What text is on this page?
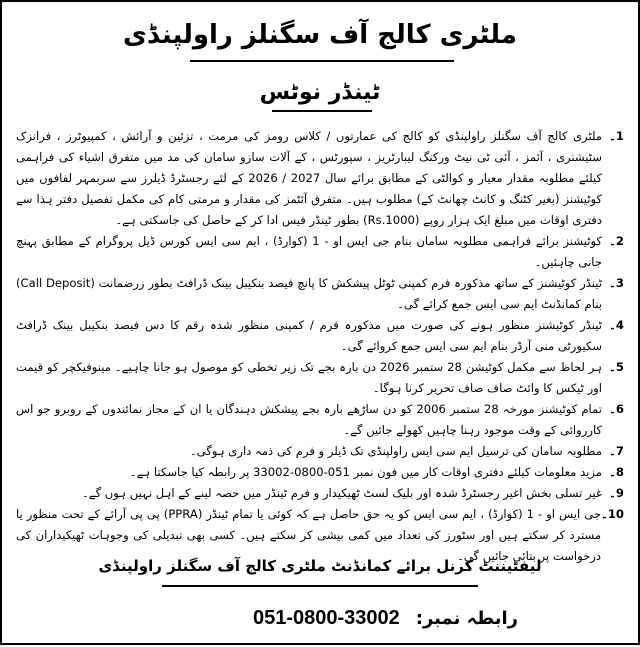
ملٹری کالج آف سگنلز راولپنڈی
ٹینڈر نوٹس
1۔
ملٹری کالج آف سگنلز راولپنڈی کو کالج کی عمارتوں / کلاس رومز کی مرمت ، تزئین و آرائش ، کمپیوٹرز ، فرانزک سٹیشنری ، آئمز ، آئی ٹی نیٹ ورکنگ لیبارٹریز ، سپورٹس ، کے آلات سازو سامان کی مد میں متفرق اشیاء کی فراہمی کیلئے مطلوبہ مقدار معیار و کوالٹی کے مطابق برائے سال 2027 / 2026 کے لئے رجسٹرڈ ڈیلرز سے سربمہر لفافوں میں کوٹیشنز (بغیر کٹنگ و کانٹ چھانٹ کے) مطلوب ہیں۔ متفرق آئٹمز کی مقدار و مرمتی کام کی مکمل تفصیل دفتر ہذا سے دفتری اوقات میں مبلغ ایک ہزار روپے (Rs.1000) بطور ٹینڈر فیس ادا کر کے حاصل کی جاسکتی ہے۔
2۔
کوٹیشنز برائے فراہمی مطلوبہ سامان بنام جی ایس او - 1 (کوارڈ) ، ایم سی ایس کورس ڈیل پروگرام کے مطابق پہنچ جانی چاہئیں۔
3۔
ٹینڈر کوٹیشنز کے ساتھ مذکورہ فرم کمپنی ٹوٹل پیشکش کا پانچ فیصد بنکیبل بینک ڈرافٹ بطور زرضمانت (Call Deposit) بنام کمانڈنٹ ایم سی ایس جمع کرائے گی۔
4۔
ٹینڈر کوٹیشنز منظور ہونے کی صورت میں مذکورہ فرم / کمپنی منظور شدہ رقم کا دس فیصد بنکیبل بینک ڈرافٹ سکیورٹی منی آرڈر بنام ایم سی ایس جمع کروائے گی۔
5۔
ہر لحاظ سے مکمل کوٹیشن 28 ستمبر 2026 دن بارہ بجے تک زیر تخطی کو موصول ہو جانا چاہیے۔ مینوفیکچر کو قیمت اور ٹیکس کا وائٹ صاف صاف تحریر کرنا ہوگا۔
6۔
تمام کوٹیشنز مورخہ 28 ستمبر 2006 کو دن ساڑھے بارہ بجے پیشکش دہندگان یا ان کے مجاز نمائندوں کے روبرو جو اس کارروائی کے وقت موجود رہنا چاہیں کھولے جائیں گے۔
7۔
مطلوبہ سامان کی ترسیل ایم سی ایس راولپنڈی تک ڈیلر و فرم کی ذمہ داری ہوگی۔
8۔
مزید معلومات کیلئے دفتری اوقات کار میں فون نمبر 051-0800-33002 پر رابطہ کیا جاسکتا ہے۔
9۔
غیر تسلی بخش اغیر رجسٹرڈ شدہ اور بلیک لسٹ ٹھیکیدار و فرم ٹینڈر میں حصہ لینے کے اہل نہیں ہوں گے۔
10۔
جی ایس او - 1 (کوارڈ) ، ایم سی ایس کو یہ حق حاصل ہے کہ کوئی یا تمام ٹینڈر (PPRA) پی پی آرائے کے تحت منظور یا مسترد کر سکتے ہیں اور سٹورز کی تعداد میں کمی بیشی کر سکتے ہیں۔ کسی بھی تبدیلی کی وجوہات ٹھیکیداران کی درخواست پر بتائی جائیں گی۔
لیفٹیننٹ کرنل برائے کمانڈنٹ ملٹری کالج آف سگنلز راولپنڈی
رابطہ نمبر:
051-0800-33002
